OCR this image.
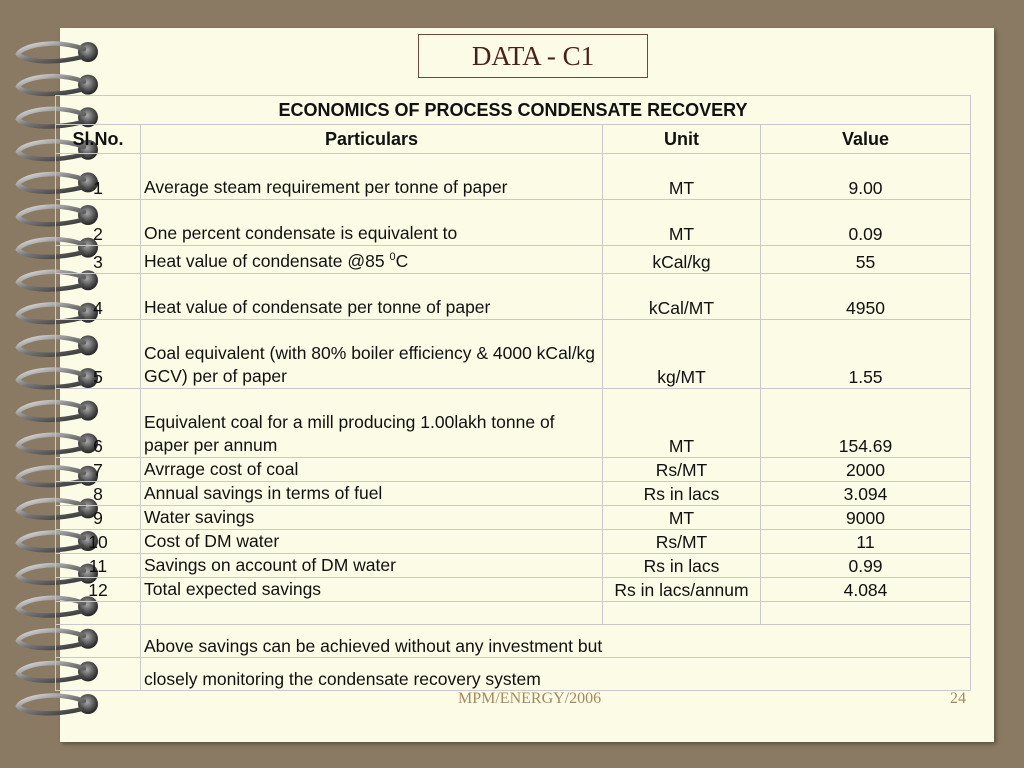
DATA - C1
ECONOMICS OF PROCESS CONDENSATE RECOVERY			
Sl.No.	Particulars	Unit	Value
1	Average steam requirement per tonne of paper	MT	9.00
2	One percent condensate is equivalent to	MT	0.09
3	Heat value of condensate @85 $^0$C	kCal/kg	55
4	Heat value of condensate per tonne of paper	kCal/MT	4950
5	Coal equivalent (with 80% boiler efficiency & 4000 kCal/kg GCV) per of paper	kg/MT	1.55
6	Equivalent coal for a mill producing 1.00lakh tonne of paper per annum	MT	154.69
7	Avrrage cost of coal	Rs/MT	2000
8	Annual savings in terms of fuel	Rs in lacs	3.094
9	Water savings	MT	9000
10	Cost of DM water	Rs/MT	11
11	Savings on account of DM water	Rs in lacs	0.99
12	Total expected savings	Rs in lacs/annum	4.084

	Above savings can be achieved without any investment but		
	closely monitoring the condensate recovery system		
MPM/ENERGY/2006	24
